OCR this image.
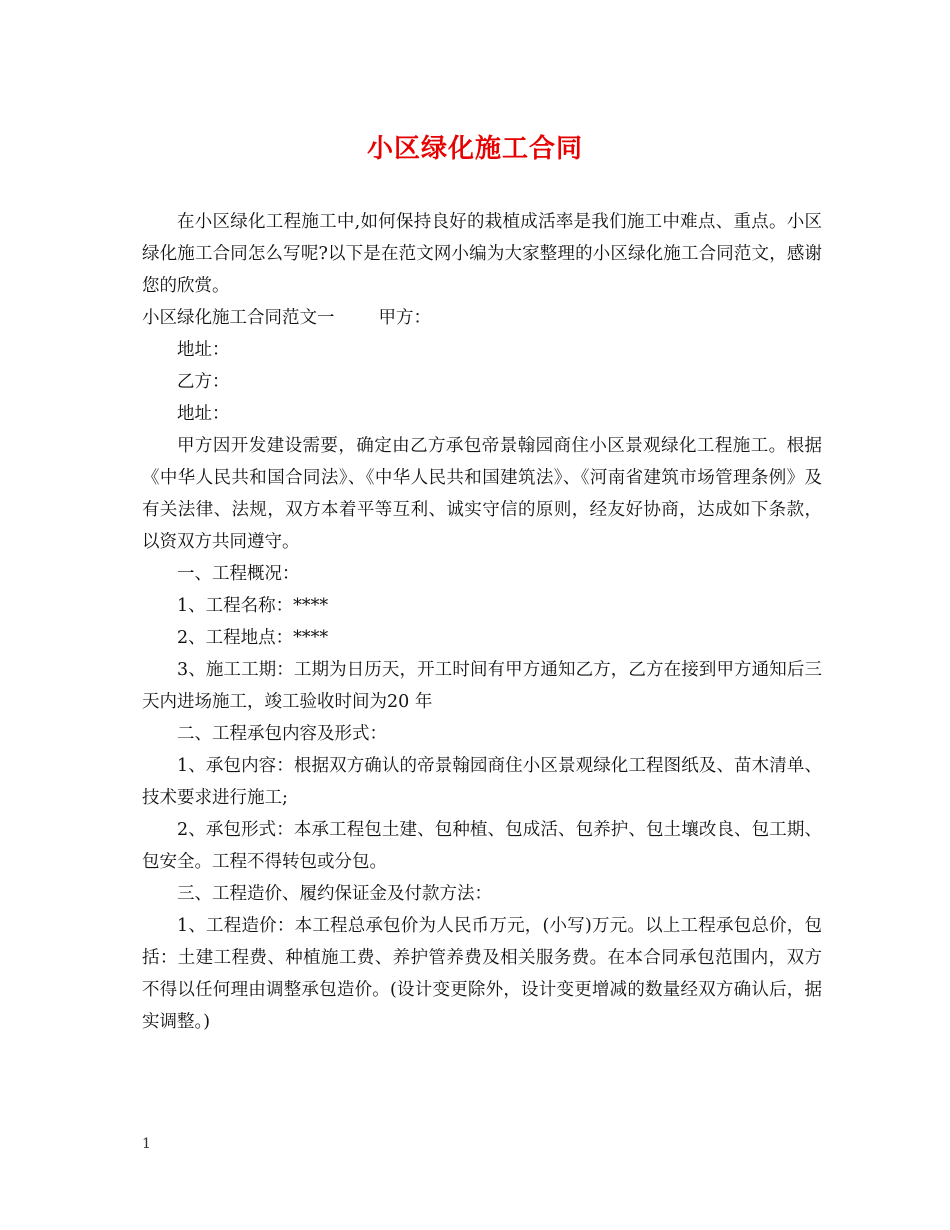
小区绿化施工合同

在小区绿化工程施工中,如何保持良好的栽植成活率是我们施工中难点、重点。小区绿化施工合同怎么写呢?以下是在范文网小编为大家整理的小区绿化施工合同范文，感谢您的欣赏。

小区绿化施工合同范文一	甲方：

地址：

乙方：

地址：

甲方因开发建设需要，确定由乙方承包帝景翰园商住小区景观绿化工程施工。根据《中华人民共和国合同法》、《中华人民共和国建筑法》、《河南省建筑市场管理条例》及有关法律、法规，双方本着平等互利、诚实守信的原则，经友好协商，达成如下条款，以资双方共同遵守。

一、工程概况：

1、工程名称：****

2、工程地点：****

3、施工工期：工期为日历天，开工时间有甲方通知乙方，乙方在接到甲方通知后三天内进场施工，竣工验收时间为20 年

二、工程承包内容及形式：

1、承包内容：根据双方确认的帝景翰园商住小区景观绿化工程图纸及、苗木清单、技术要求进行施工;

2、承包形式：本承工程包土建、包种植、包成活、包养护、包土壤改良、包工期、包安全。工程不得转包或分包。

三、工程造价、履约保证金及付款方法：

1、工程造价：本工程总承包价为人民币万元，(小写)万元。以上工程承包总价，包括：土建工程费、种植施工费、养护管养费及相关服务费。在本合同承包范围内，双方不得以任何理由调整承包造价。(设计变更除外，设计变更增减的数量经双方确认后，据实调整。)

1
